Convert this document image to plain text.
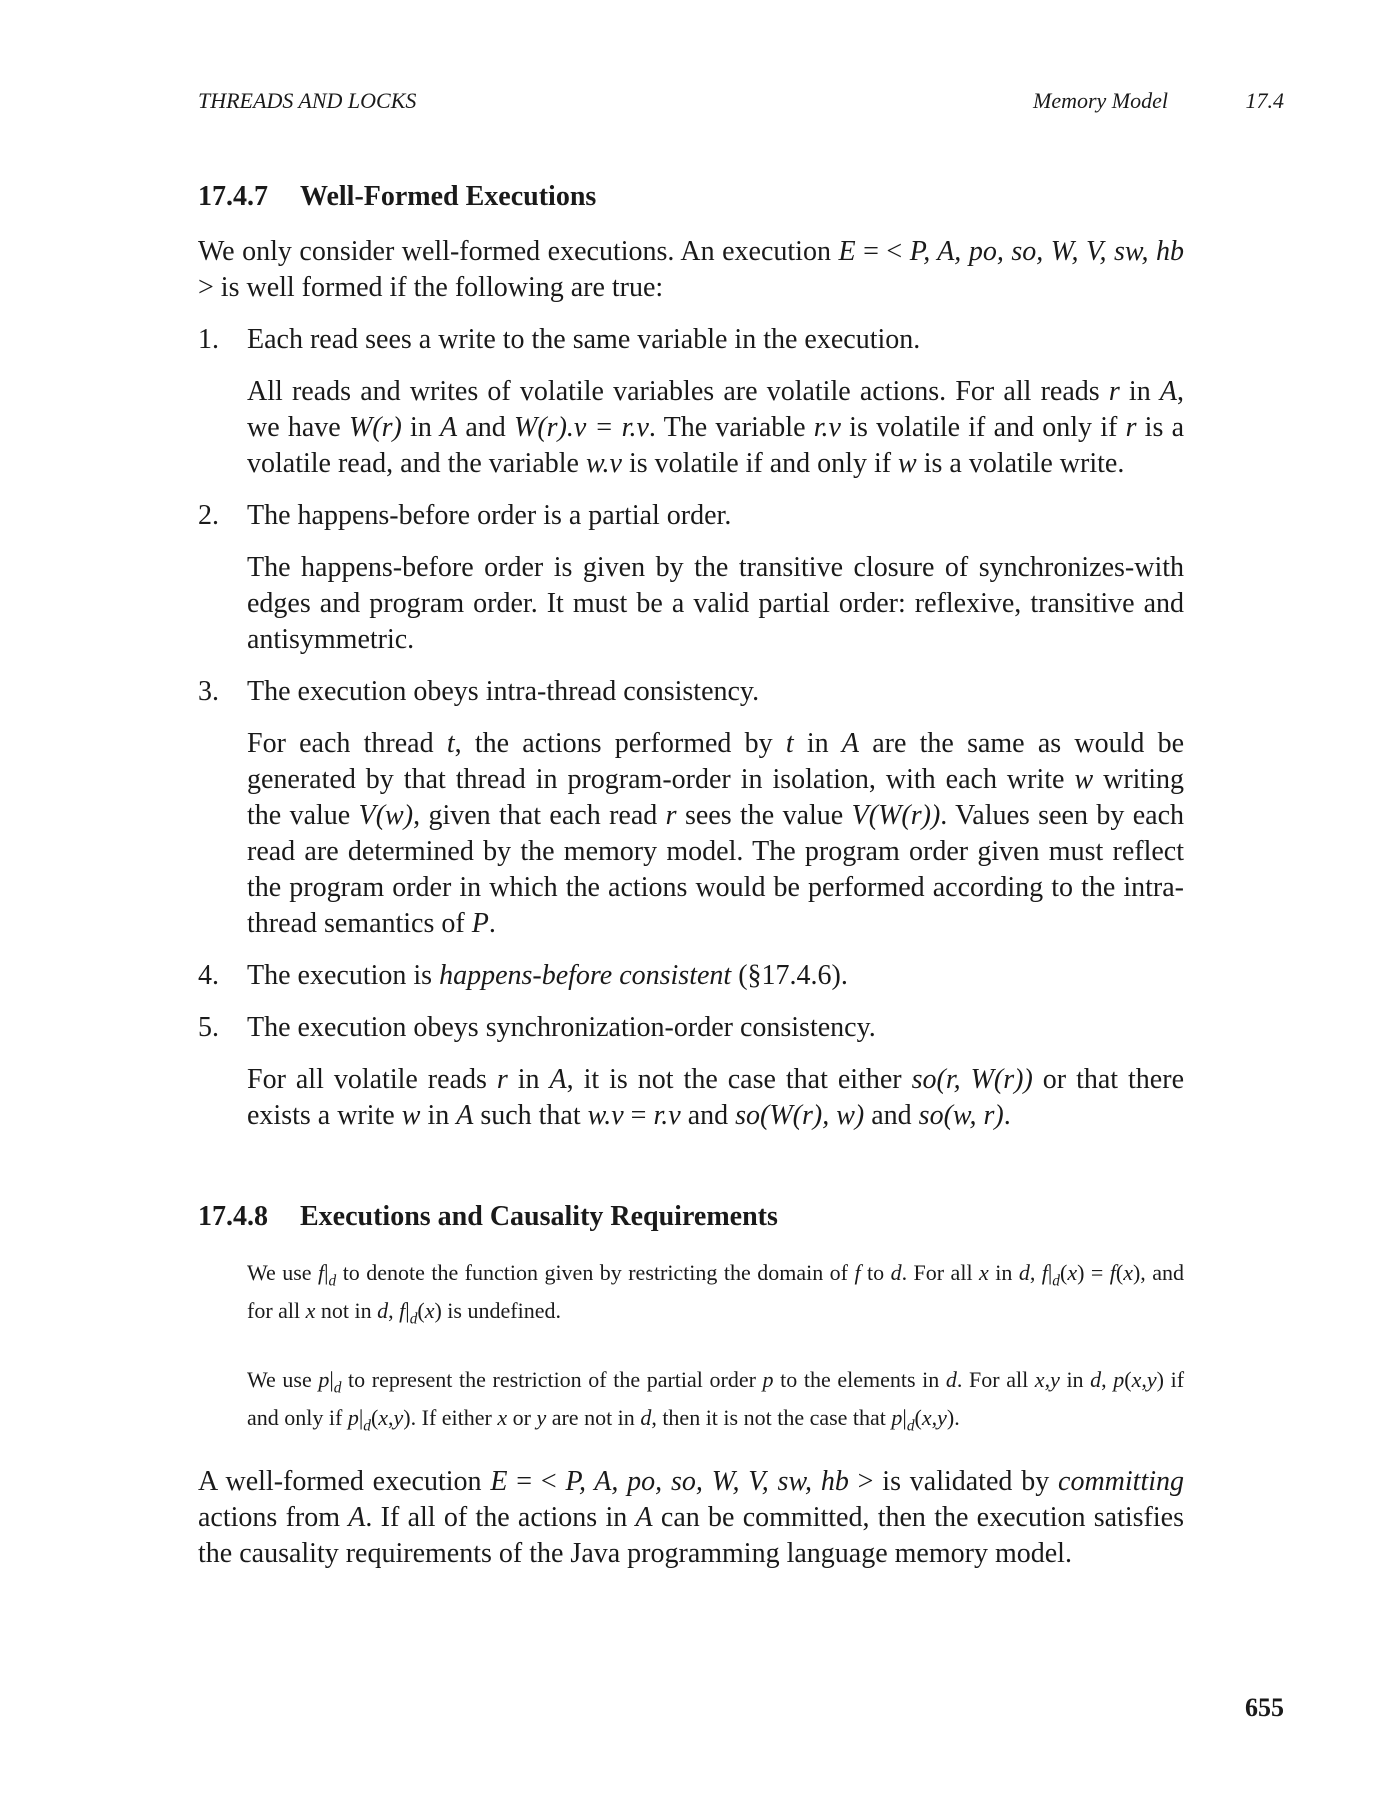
THREADS AND LOCKS	Memory Model	17.4
17.4.7 Well-Formed Executions

We only consider well-formed executions. An execution E = < P, A, po, so, W, V, sw, hb > is well formed if the following are true:

1. Each read sees a write to the same variable in the execution.
All reads and writes of volatile variables are volatile actions. For all reads r in A, we have W(r) in A and W(r).v = r.v. The variable r.v is volatile if and only if r is a volatile read, and the variable w.v is volatile if and only if w is a volatile write.
2. The happens-before order is a partial order.
The happens-before order is given by the transitive closure of synchronizes-with edges and program order. It must be a valid partial order: reflexive, transitive and antisymmetric.
3. The execution obeys intra-thread consistency.
For each thread t, the actions performed by t in A are the same as would be generated by that thread in program-order in isolation, with each write w writing the value V(w), given that each read r sees the value V(W(r)). Values seen by each read are determined by the memory model. The program order given must reflect the program order in which the actions would be performed according to the intra-thread semantics of P.
4. The execution is happens-before consistent (§17.4.6).
5. The execution obeys synchronization-order consistency.
For all volatile reads r in A, it is not the case that either so(r, W(r)) or that there exists a write w in A such that w.v = r.v and so(W(r), w) and so(w, r).
17.4.8 Executions and Causality Requirements

We use $f|_d$ to denote the function given by restricting the domain of f to d. For all x in d, $f|_d(x) = f(x)$, and for all x not in d, $f|_d(x)$ is undefined.

We use $p|_d$ to represent the restriction of the partial order p to the elements in d. For all x,y in d, p(x,y) if and only if $p|_d(x,y)$. If either x or y are not in d, then it is not the case that $p|_d(x,y)$.

A well-formed execution E = < P, A, po, so, W, V, sw, hb > is validated by committing actions from A. If all of the actions in A can be committed, then the execution satisfies the causality requirements of the Java programming language memory model.

655
